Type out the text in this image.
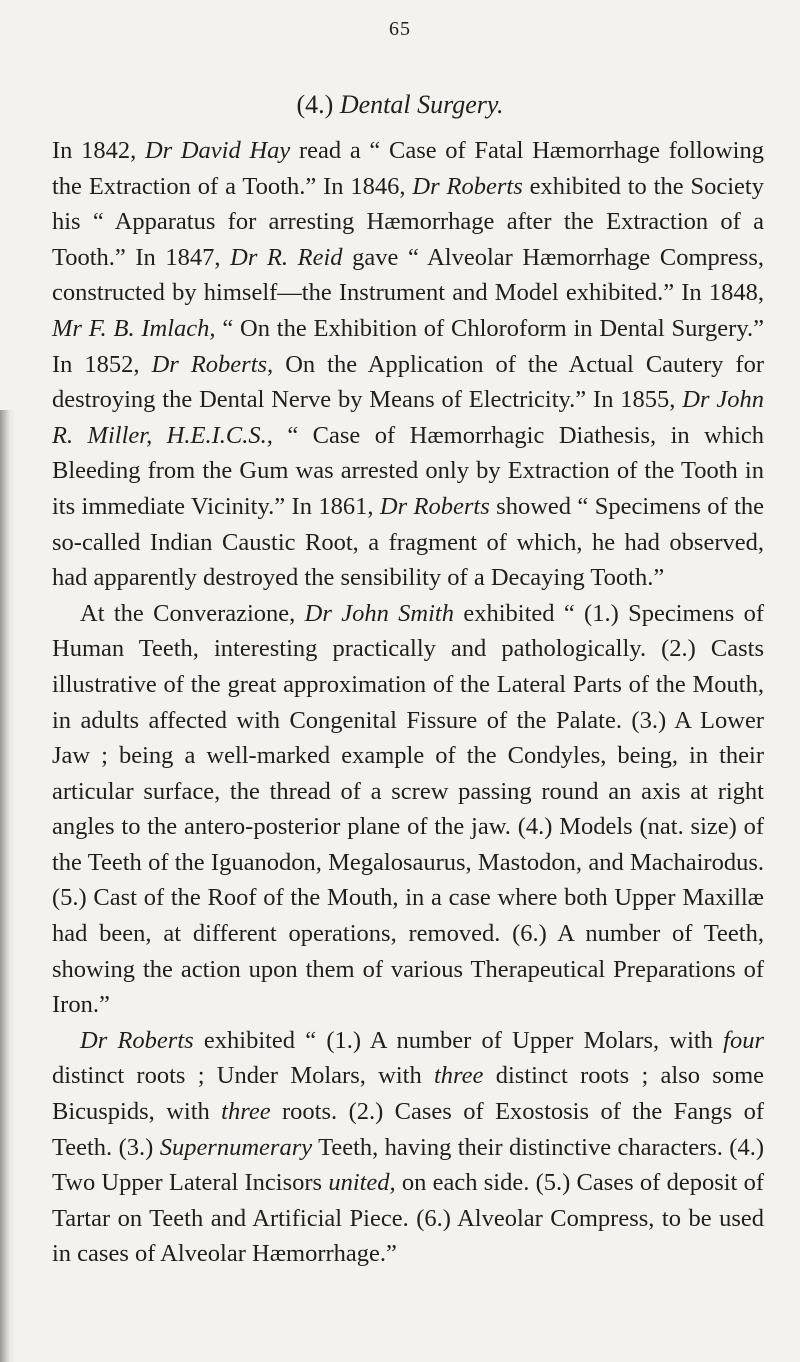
65
(4.) Dental Surgery.

In 1842, Dr David Hay read a “ Case of Fatal Hæmorrhage following the Extraction of a Tooth.” In 1846, Dr Roberts exhibited to the Society his “ Apparatus for arresting Hæmorrhage after the Extraction of a Tooth.” In 1847, Dr R. Reid gave “ Alveolar Hæmorrhage Compress, constructed by himself—the Instrument and Model exhibited.” In 1848, Mr F. B. Imlach, “ On the Exhibition of Chloroform in Dental Surgery.” In 1852, Dr Roberts, On the Application of the Actual Cautery for destroying the Dental Nerve by Means of Electricity.” In 1855, Dr John R. Miller, H.E.I.C.S., “ Case of Hæmorrhagic Diathesis, in which Bleeding from the Gum was arrested only by Extraction of the Tooth in its immediate Vicinity.” In 1861, Dr Roberts showed “ Specimens of the so-called Indian Caustic Root, a fragment of which, he had observed, had apparently destroyed the sensibility of a Decaying Tooth.”

At the Converazione, Dr John Smith exhibited “ (1.) Specimens of Human Teeth, interesting practically and pathologically. (2.) Casts illustrative of the great approximation of the Lateral Parts of the Mouth, in adults affected with Congenital Fissure of the Palate. (3.) A Lower Jaw ; being a well-marked example of the Condyles, being, in their articular surface, the thread of a screw passing round an axis at right angles to the antero-posterior plane of the jaw. (4.) Models (nat. size) of the Teeth of the Iguanodon, Megalosaurus, Mastodon, and Machairodus. (5.) Cast of the Roof of the Mouth, in a case where both Upper Maxillæ had been, at different operations, removed. (6.) A number of Teeth, showing the action upon them of various Therapeutical Preparations of Iron.”

Dr Roberts exhibited “ (1.) A number of Upper Molars, with four distinct roots ; Under Molars, with three distinct roots ; also some Bicuspids, with three roots. (2.) Cases of Exostosis of the Fangs of Teeth. (3.) Supernumerary Teeth, having their distinctive characters. (4.) Two Upper Lateral Incisors united, on each side. (5.) Cases of deposit of Tartar on Teeth and Artificial Piece. (6.) Alveolar Compress, to be used in cases of Alveolar Hæmorrhage.”
